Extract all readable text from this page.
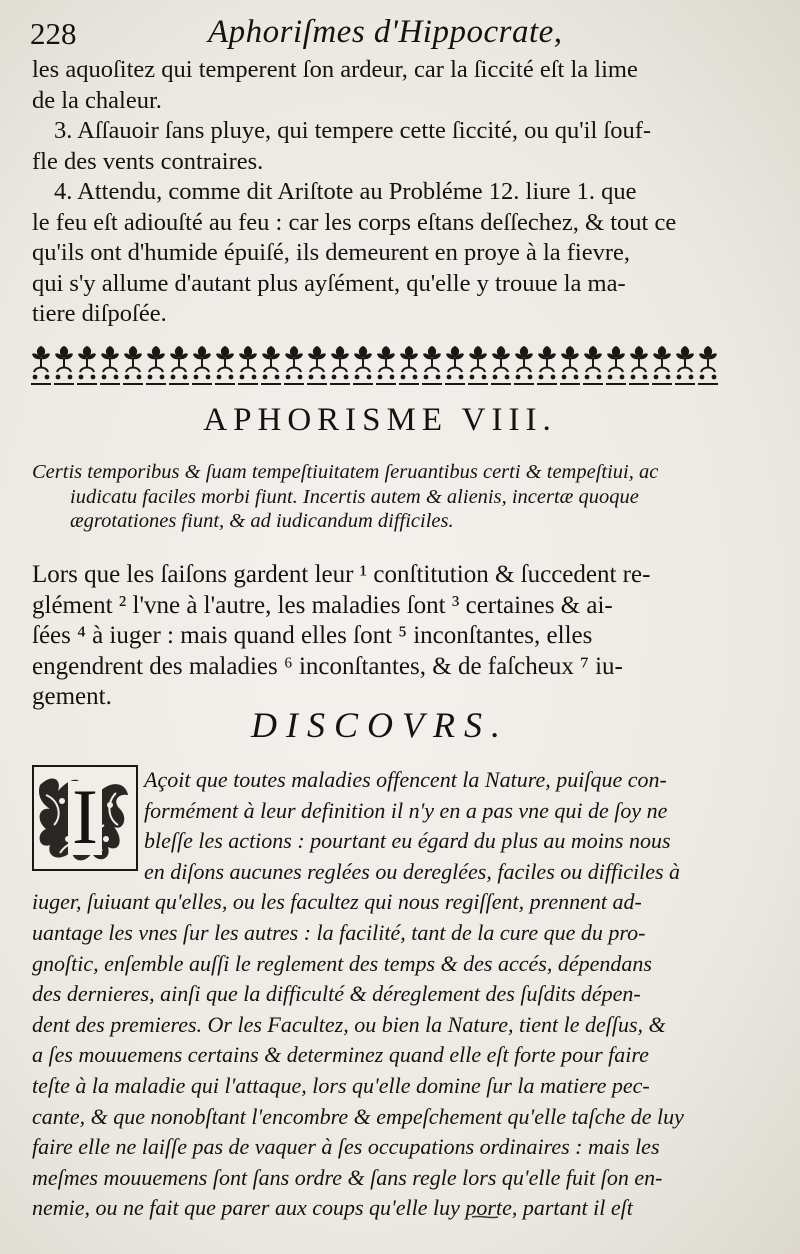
228	Aphoriſmes d'Hippocrate,
les aquoſitez qui temperent ſon ardeur, car la ſiccité eſt la lime
de la chaleur.
3. Aſſauoir ſans pluye, qui tempere cette ſiccité, ou qu'il ſouf-
fle des vents contraires.
4. Attendu, comme dit Ariſtote au Probléme 12. liure 1. que
le feu eſt adiouſté au feu : car les corps eſtans deſſechez, & tout ce
qu'ils ont d'humide épuiſé, ils demeurent en proye à la fievre,
qui s'y allume d'autant plus ayſément, qu'elle y trouue la ma-
tiere diſpoſée.
APHORISME VIII.
Certis temporibus & ſuam tempeſtiuitatem ſeruantibus certi & tempeſtiui, ac
iudicatu faciles morbi fiunt. Incertis autem & alienis, incertæ quoque
ægrotationes fiunt, & ad iudicandum difficiles.
Lors que les ſaiſons gardent leur ¹ conſtitution & ſuccedent re-
glément ² l'vne à l'autre, les maladies ſont ³ certaines & ai-
ſées ⁴ à iuger : mais quand elles ſont ⁵ inconſtantes, elles
engendrent des maladies ⁶ inconſtantes, & de faſcheux ⁷ iu-
gement.
DISCOVRS.
I	Açoit que toutes maladies offencent la Nature, puiſque con-
formément à leur definition il n'y en a pas vne qui de ſoy ne
bleſſe les actions : pourtant eu égard du plus au moins nous
en diſons aucunes reglées ou dereglées, faciles ou difficiles à
iuger, ſuiuant qu'elles, ou les facultez qui nous regiſſent, prennent ad-
uantage les vnes ſur les autres : la facilité, tant de la cure que du pro-
gnoſtic, enſemble auſſi le reglement des temps & des accés, dépendans
des dernieres, ainſi que la difficulté & déreglement des ſuſdits dépen-
dent des premieres. Or les Facultez, ou bien la Nature, tient le deſſus, &
a ſes mouuemens certains & determinez quand elle eſt forte pour faire
teſte à la maladie qui l'attaque, lors qu'elle domine ſur la matiere pec-
cante, & que nonobſtant l'encombre & empeſchement qu'elle taſche de luy
faire elle ne laiſſe pas de vaquer à ſes occupations ordinaires : mais les
meſmes mouuemens ſont ſans ordre & ſans regle lors qu'elle fuit ſon en-
nemie, ou ne fait que parer aux coups qu'elle luy porte, partant il eſt
